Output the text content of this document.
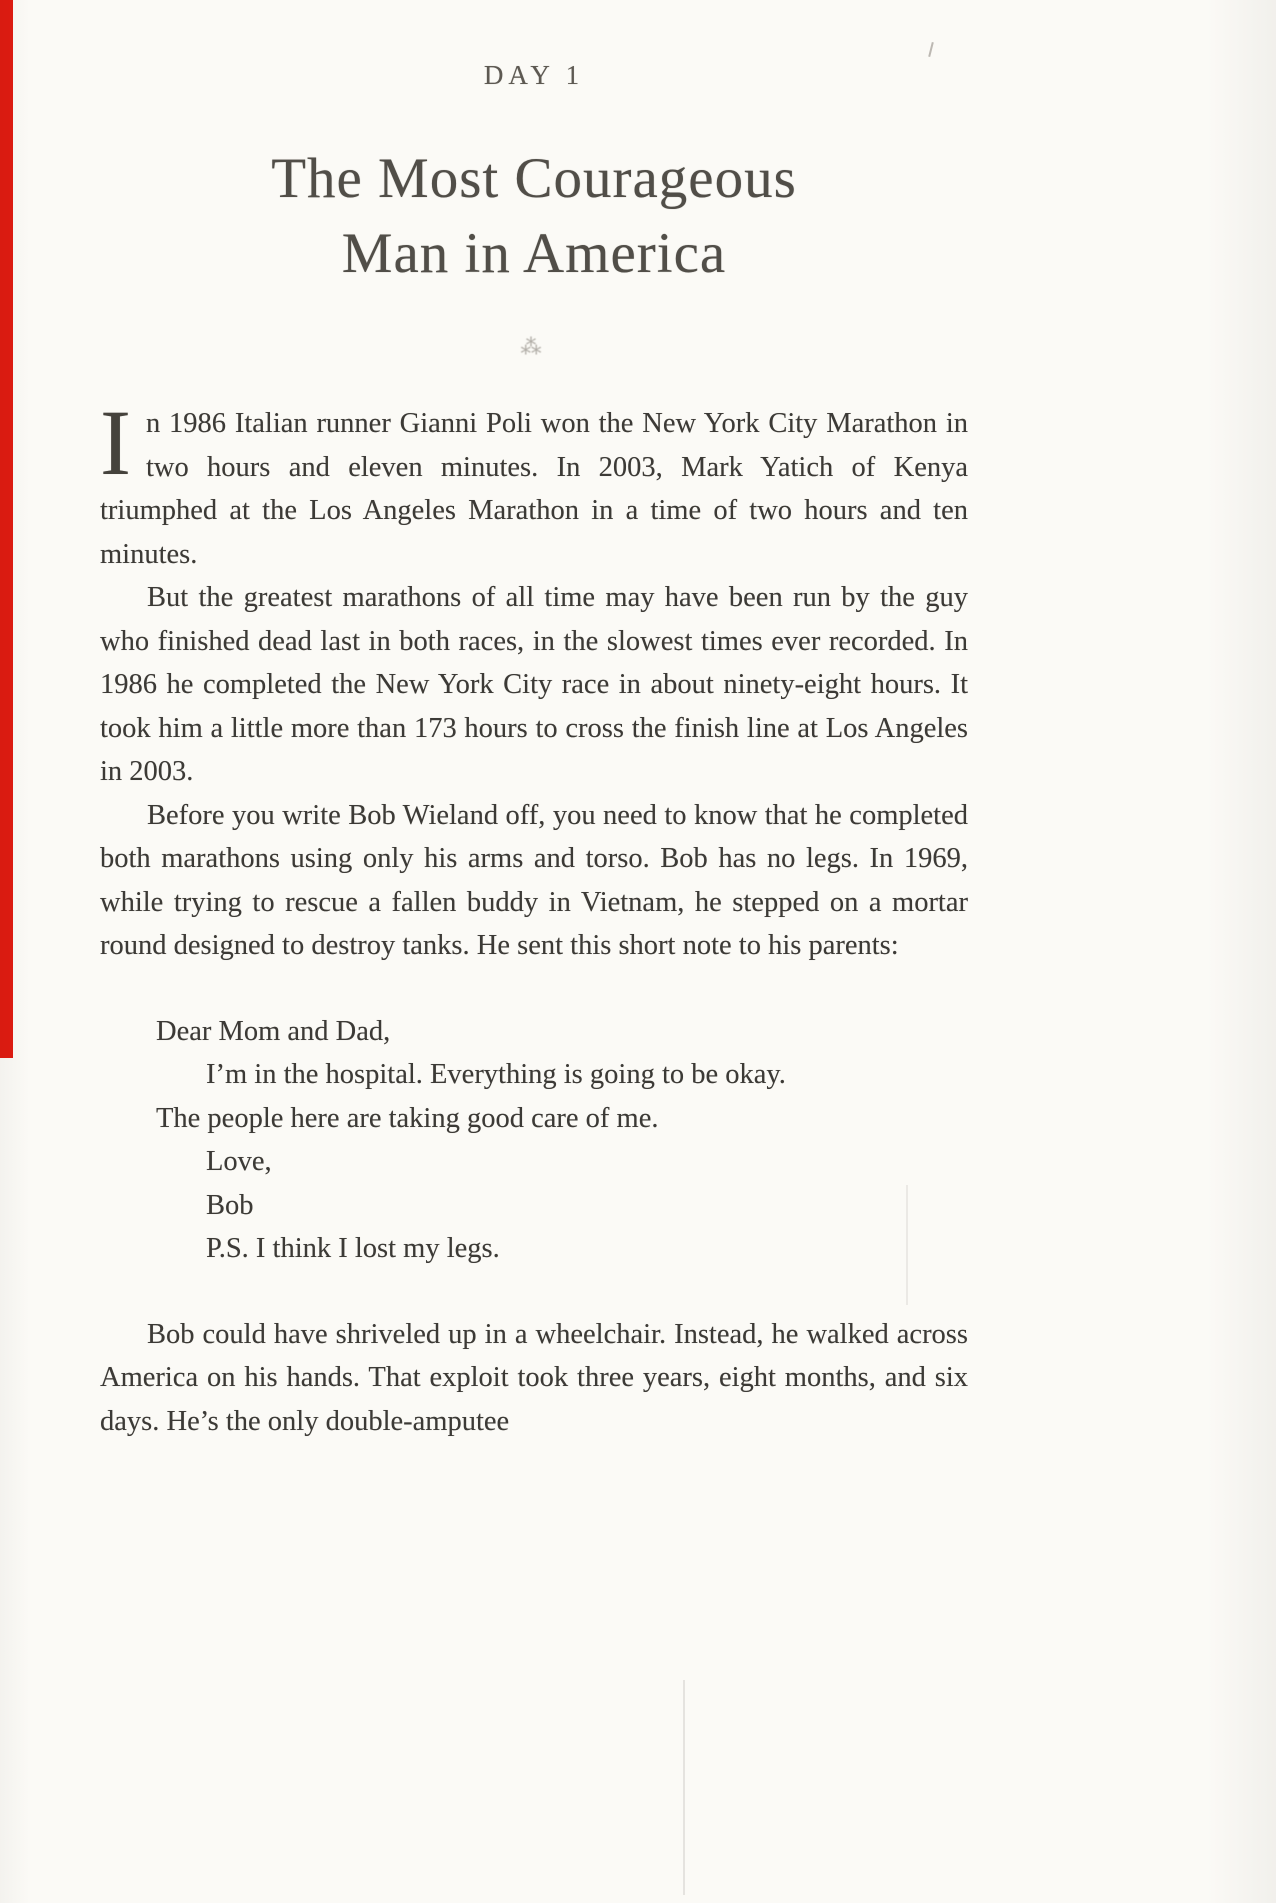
DAY 1
The Most Courageous
Man in America
⁂

In 1986 Italian runner Gianni Poli won the New York City Marathon in two hours and eleven minutes. In 2003, Mark Yatich of Kenya triumphed at the Los Angeles Marathon in a time of two hours and ten minutes.

But the greatest marathons of all time may have been run by the guy who finished dead last in both races, in the slowest times ever recorded. In 1986 he completed the New York City race in about ninety-eight hours. It took him a little more than 173 hours to cross the finish line at Los Angeles in 2003.

Before you write Bob Wieland off, you need to know that he completed both marathons using only his arms and torso. Bob has no legs. In 1969, while trying to rescue a fallen buddy in Vietnam, he stepped on a mortar round designed to destroy tanks. He sent this short note to his parents:

Dear Mom and Dad,
I’m in the hospital. Everything is going to be okay.
The people here are taking good care of me.
Love,
Bob
P.S. I think I lost my legs.

Bob could have shriveled up in a wheelchair. Instead, he walked across America on his hands. That exploit took three years, eight months, and six days. He’s the only double-amputee
